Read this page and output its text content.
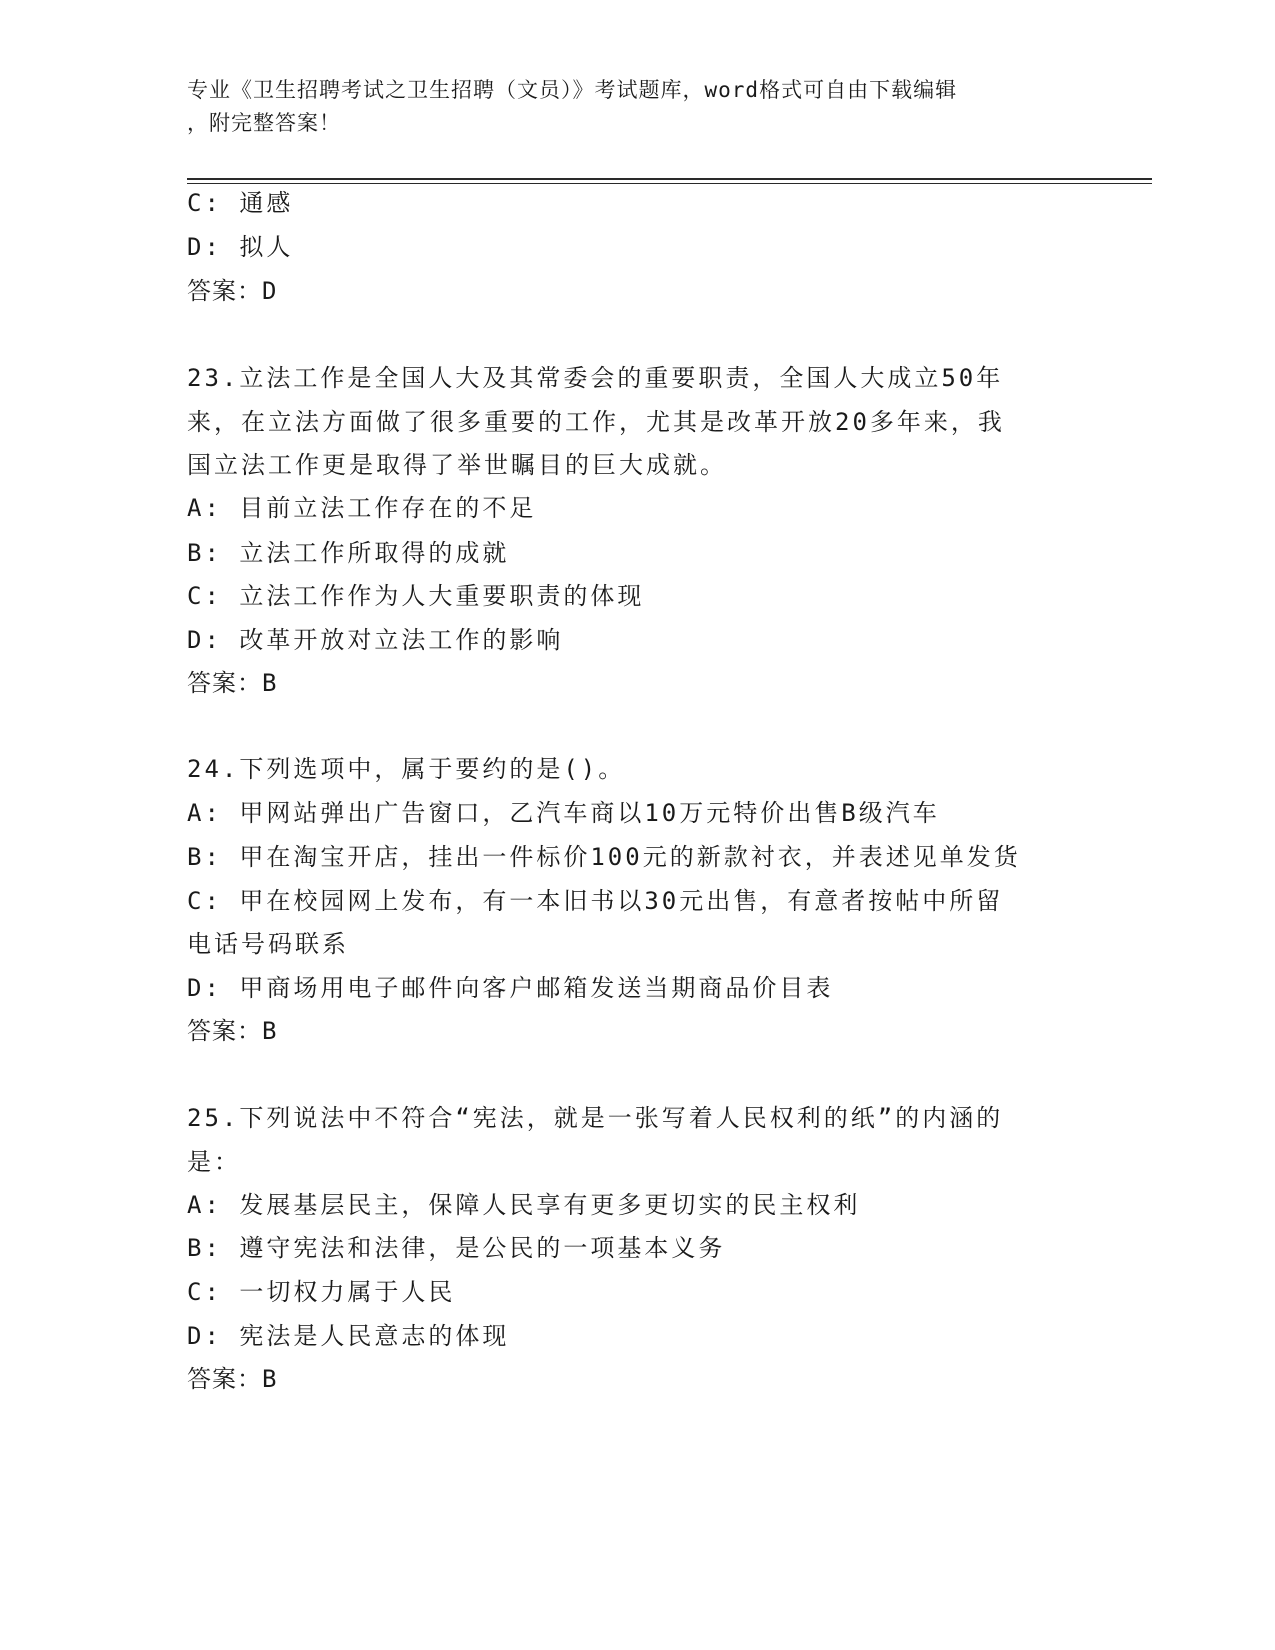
专业《卫生招聘考试之卫生招聘（文员）》考试题库，word格式可自由下载编辑
，附完整答案！
C: 通感
D: 拟人
答案：D
23.立法工作是全国人大及其常委会的重要职责，全国人大成立50年
来，在立法方面做了很多重要的工作，尤其是改革开放20多年来，我
国立法工作更是取得了举世瞩目的巨大成就。
A: 目前立法工作存在的不足
B: 立法工作所取得的成就
C: 立法工作作为人大重要职责的体现
D: 改革开放对立法工作的影响
答案：B
24.下列选项中，属于要约的是()。
A: 甲网站弹出广告窗口，乙汽车商以10万元特价出售B级汽车
B: 甲在淘宝开店，挂出一件标价100元的新款衬衣，并表述见单发货
C: 甲在校园网上发布，有一本旧书以30元出售，有意者按帖中所留
电话号码联系
D: 甲商场用电子邮件向客户邮箱发送当期商品价目表
答案：B
25.下列说法中不符合“宪法，就是一张写着人民权利的纸”的内涵的
是：
A: 发展基层民主，保障人民享有更多更切实的民主权利
B: 遵守宪法和法律，是公民的一项基本义务
C: 一切权力属于人民
D: 宪法是人民意志的体现
答案：B
